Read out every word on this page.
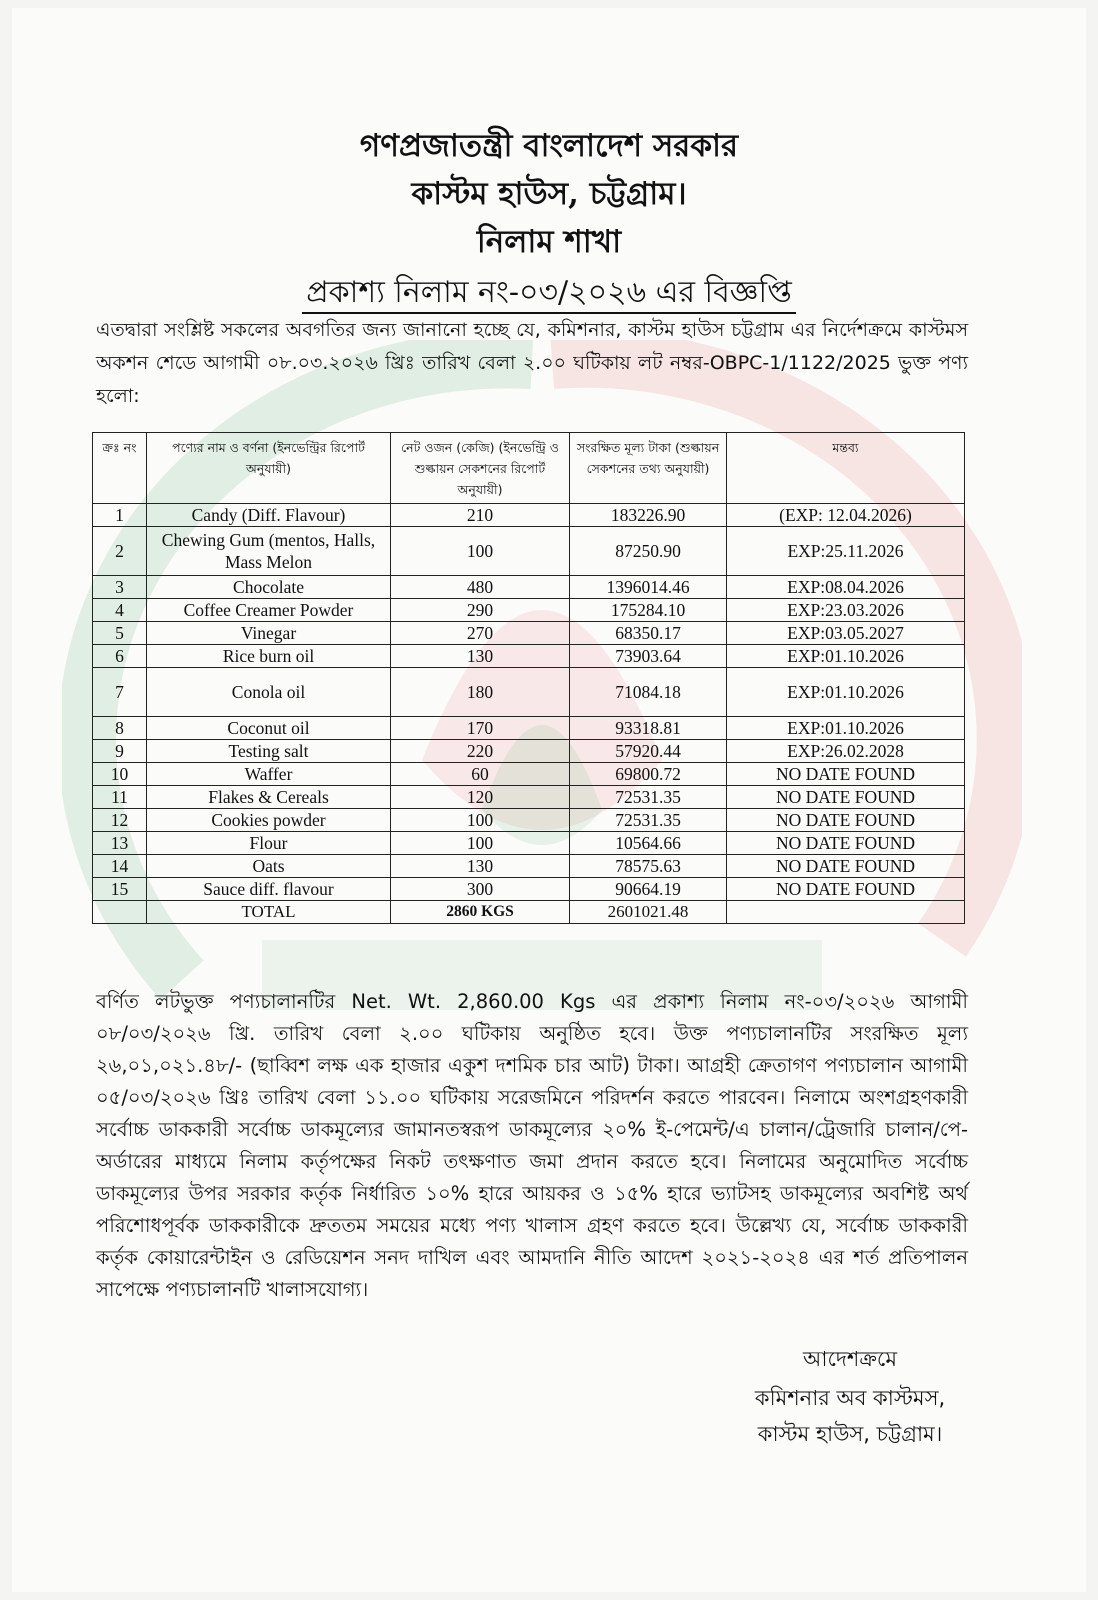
গণপ্রজাতন্ত্রী বাংলাদেশ সরকার
কাস্টম হাউস, চট্টগ্রাম।
নিলাম শাখা
প্রকাশ্য নিলাম নং-০৩/২০২৬ এর বিজ্ঞপ্তি
এতদ্বারা সংশ্লিষ্ট সকলের অবগতির জন্য জানানো হচ্ছে যে, কমিশনার, কাস্টম হাউস চট্টগ্রাম এর নির্দেশক্রমে কাস্টমস অকশন শেডে আগামী ০৮.০৩.২০২৬ খ্রিঃ তারিখ বেলা ২.০০ ঘটিকায় লট নম্বর-OBPC-1/1122/2025 ভুক্ত পণ্য হলো:
ক্রঃ নং	পণ্যের নাম ও বর্ণনা (ইনভেন্ট্রির রিপোর্ট অনুযায়ী)	নেট ওজন (কেজি) (ইনভেন্ট্রি ও শুল্কায়ন সেকশনের রিপোর্ট অনুযায়ী)	সংরক্ষিত মূল্য টাকা (শুল্কায়ন সেকশনের তথ্য অনুযায়ী)	মন্তব্য
1	Candy (Diff. Flavour)	210	183226.90	(EXP: 12.04.2026)
2	Chewing Gum (mentos, Halls, Mass Melon	100	87250.90	EXP:25.11.2026
3	Chocolate	480	1396014.46	EXP:08.04.2026
4	Coffee Creamer Powder	290	175284.10	EXP:23.03.2026
5	Vinegar	270	68350.17	EXP:03.05.2027
6	Rice burn oil	130	73903.64	EXP:01.10.2026
7	Conola oil	180	71084.18	EXP:01.10.2026
8	Coconut oil	170	93318.81	EXP:01.10.2026
9	Testing salt	220	57920.44	EXP:26.02.2028
10	Waffer	60	69800.72	NO DATE FOUND
11	Flakes & Cereals	120	72531.35	NO DATE FOUND
12	Cookies powder	100	72531.35	NO DATE FOUND
13	Flour	100	10564.66	NO DATE FOUND
14	Oats	130	78575.63	NO DATE FOUND
15	Sauce diff. flavour	300	90664.19	NO DATE FOUND
	TOTAL	2860 KGS	2601021.48	
বর্ণিত লটভুক্ত পণ্যচালানটির Net. Wt. 2,860.00 Kgs এর প্রকাশ্য নিলাম নং-০৩/২০২৬ আগামী ০৮/০৩/২০২৬ খ্রি. তারিখ বেলা ২.০০ ঘটিকায় অনুষ্ঠিত হবে। উক্ত পণ্যচালানটির সংরক্ষিত মূল্য ২৬,০১,০২১.৪৮/- (ছাব্বিশ লক্ষ এক হাজার একুশ দশমিক চার আট) টাকা। আগ্রহী ক্রেতাগণ পণ্যচালান আগামী ০৫/০৩/২০২৬ খ্রিঃ তারিখ বেলা ১১.০০ ঘটিকায় সরেজমিনে পরিদর্শন করতে পারবেন। নিলামে অংশগ্রহণকারী সর্বোচ্চ ডাককারী সর্বোচ্চ ডাকমূল্যের জামানতস্বরূপ ডাকমূল্যের ২০% ই-পেমেন্ট/এ চালান/ট্রেজারি চালান/পে-অর্ডারের মাধ্যমে নিলাম কর্তৃপক্ষের নিকট তৎক্ষণাত জমা প্রদান করতে হবে। নিলামের অনুমোদিত সর্বোচ্চ ডাকমূল্যের উপর সরকার কর্তৃক নির্ধারিত ১০% হারে আয়কর ও ১৫% হারে ভ্যাটসহ ডাকমূল্যের অবশিষ্ট অর্থ পরিশোধপূর্বক ডাককারীকে দ্রুততম সময়ের মধ্যে পণ্য খালাস গ্রহণ করতে হবে। উল্লেখ্য যে, সর্বোচ্চ ডাককারী কর্তৃক কোয়ারেন্টাইন ও রেডিয়েশন সনদ দাখিল এবং আমদানি নীতি আদেশ ২০২১-২০২৪ এর শর্ত প্রতিপালন সাপেক্ষে পণ্যচালানটি খালাসযোগ্য।
আদেশক্রমে
কমিশনার অব কাস্টমস,
কাস্টম হাউস, চট্টগ্রাম।
